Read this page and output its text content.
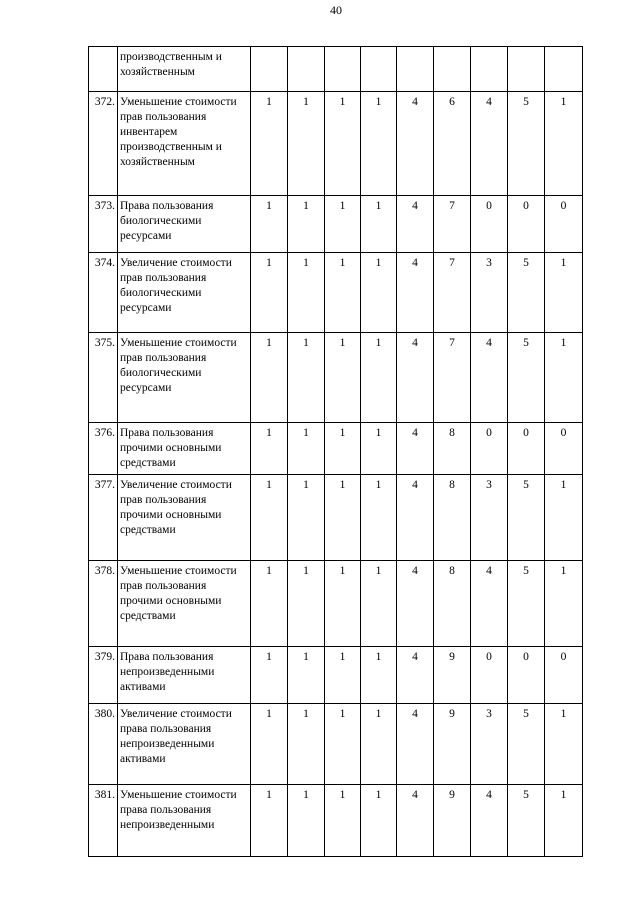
40
	производственным и хозяйственным									
372.	Уменьшение стоимости прав пользования инвентарем производственным и хозяйственным	1	1	1	1	4	6	4	5	1
373.	Права пользования биологическими ресурсами	1	1	1	1	4	7	0	0	0
374.	Увеличение стоимости прав пользования биологическими ресурсами	1	1	1	1	4	7	3	5	1
375.	Уменьшение стоимости прав пользования биологическими ресурсами	1	1	1	1	4	7	4	5	1
376.	Права пользования прочими основными средствами	1	1	1	1	4	8	0	0	0
377.	Увеличение стоимости прав пользования прочими основными средствами	1	1	1	1	4	8	3	5	1
378.	Уменьшение стоимости прав пользования прочими основными средствами	1	1	1	1	4	8	4	5	1
379.	Права пользования непроизведенными активами	1	1	1	1	4	9	0	0	0
380.	Увеличение стоимости права пользования непроизведенными активами	1	1	1	1	4	9	3	5	1
381.	Уменьшение стоимости права пользования непроизведенными	1	1	1	1	4	9	4	5	1
